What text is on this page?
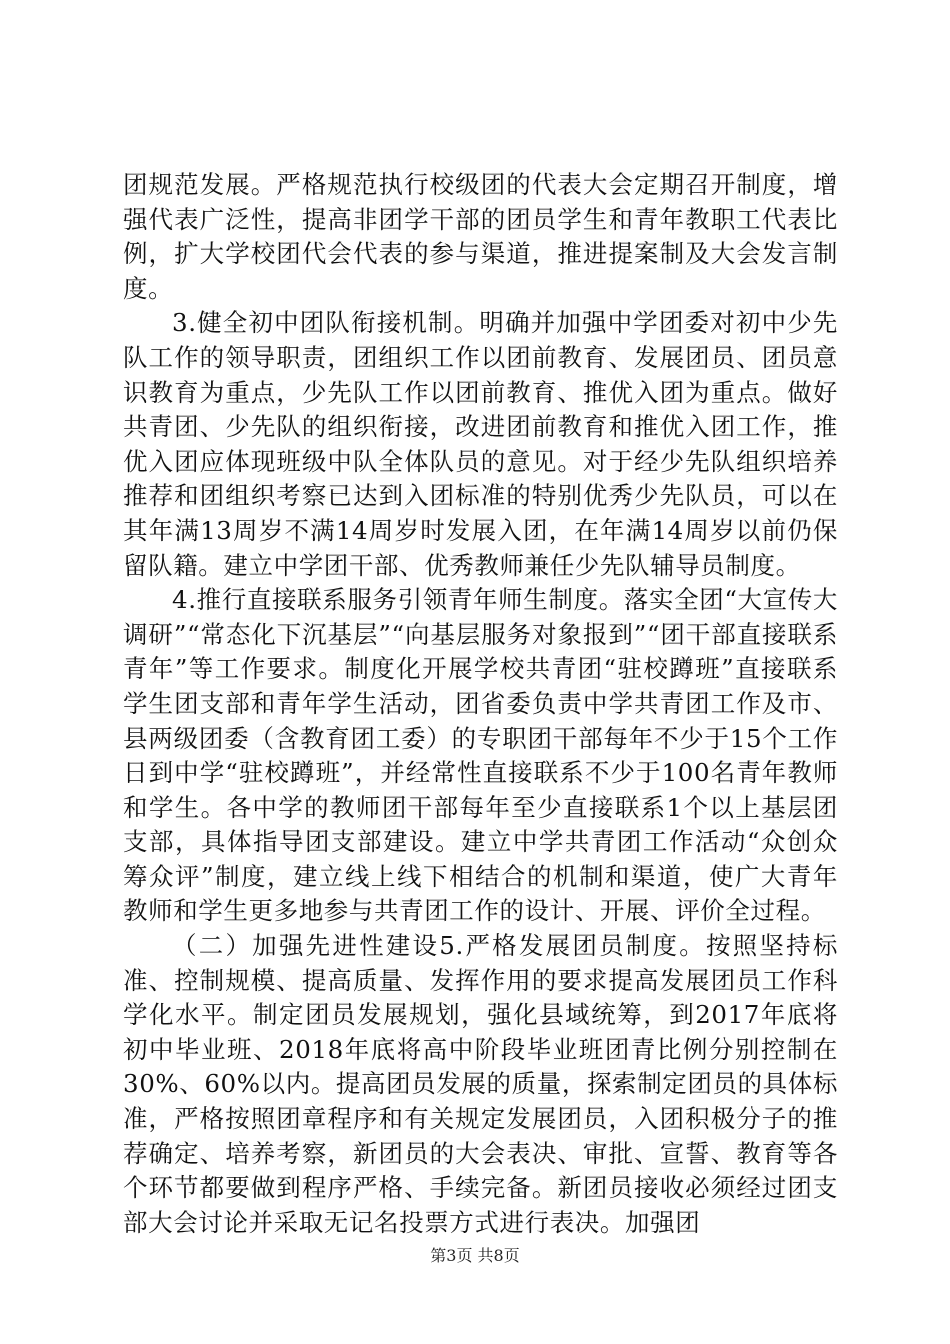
团规范发展。严格规范执行校级团的代表大会定期召开制度，增强代表广泛性，提高非团学干部的团员学生和青年教职工代表比例，扩大学校团代会代表的参与渠道，推进提案制及大会发言制度。

3.健全初中团队衔接机制。明确并加强中学团委对初中少先队工作的领导职责，团组织工作以团前教育、发展团员、团员意识教育为重点，少先队工作以团前教育、推优入团为重点。做好共青团、少先队的组织衔接，改进团前教育和推优入团工作，推优入团应体现班级中队全体队员的意见。对于经少先队组织培养推荐和团组织考察已达到入团标准的特别优秀少先队员，可以在其年满13周岁不满14周岁时发展入团，在年满14周岁以前仍保留队籍。建立中学团干部、优秀教师兼任少先队辅导员制度。

4.推行直接联系服务引领青年师生制度。落实全团“大宣传大调研”“常态化下沉基层”“向基层服务对象报到”“团干部直接联系青年”等工作要求。制度化开展学校共青团“驻校蹲班”直接联系学生团支部和青年学生活动，团省委负责中学共青团工作及市、县两级团委（含教育团工委）的专职团干部每年不少于15个工作日到中学“驻校蹲班”，并经常性直接联系不少于100名青年教师和学生。各中学的教师团干部每年至少直接联系1个以上基层团支部，具体指导团支部建设。建立中学共青团工作活动“众创众筹众评”制度，建立线上线下相结合的机制和渠道，使广大青年教师和学生更多地参与共青团工作的设计、开展、评价全过程。

（二）加强先进性建设5.严格发展团员制度。按照坚持标准、控制规模、提高质量、发挥作用的要求提高发展团员工作科学化水平。制定团员发展规划，强化县域统筹，到2017年底将初中毕业班、2018年底将高中阶段毕业班团青比例分别控制在30%、60%以内。提高团员发展的质量，探索制定团员的具体标准，严格按照团章程序和有关规定发展团员，入团积极分子的推荐确定、培养考察，新团员的大会表决、审批、宣誓、教育等各个环节都要做到程序严格、手续完备。新团员接收必须经过团支部大会讨论并采取无记名投票方式进行表决。加强团

第3页 共8页
